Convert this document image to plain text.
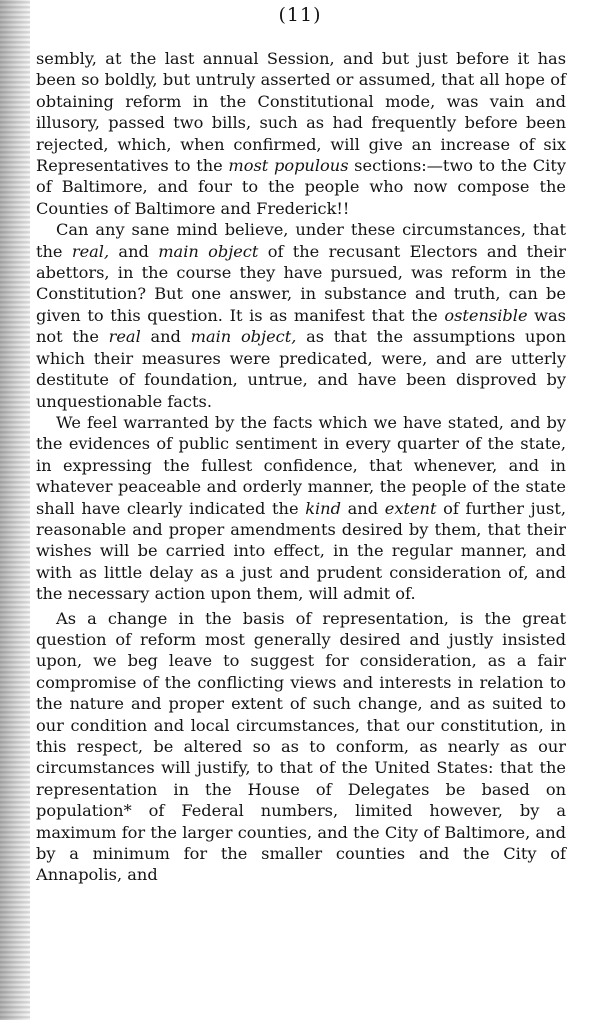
(11)

sembly, at the last annual Session, and but just before it has been so boldly, but untruly asserted or assumed, that all hope of obtaining reform in the Constitutional mode, was vain and illusory, passed two bills, such as had frequently before been rejected, which, when confirmed, will give an increase of six Representatives to the most populous sections:—two to the City of Baltimore, and four to the people who now compose the Counties of Baltimore and Frederick!!

Can any sane mind believe, under these circumstances, that the real, and main object of the recusant Electors and their abettors, in the course they have pursued, was reform in the Constitution? But one answer, in substance and truth, can be given to this question. It is as manifest that the ostensible was not the real and main object, as that the assumptions upon which their measures were predicated, were, and are utterly destitute of foundation, untrue, and have been disproved by unquestionable facts.

We feel warranted by the facts which we have stated, and by the evidences of public sentiment in every quarter of the state, in expressing the fullest confidence, that whenever, and in whatever peaceable and orderly manner, the people of the state shall have clearly indicated the kind and extent of further just, reasonable and proper amendments desired by them, that their wishes will be carried into effect, in the regular manner, and with as little delay as a just and prudent consideration of, and the necessary action upon them, will admit of.

As a change in the basis of representation, is the great question of reform most generally desired and justly insisted upon, we beg leave to suggest for consideration, as a fair compromise of the conflicting views and interests in relation to the nature and proper extent of such change, and as suited to our condition and local circumstances, that our constitution, in this respect, be altered so as to conform, as nearly as our circumstances will justify, to that of the United States: that the representation in the House of Delegates be based on population* of Federal numbers, limited however, by a maximum for the larger counties, and the City of Baltimore, and by a minimum for the smaller counties and the City of Annapolis, and
